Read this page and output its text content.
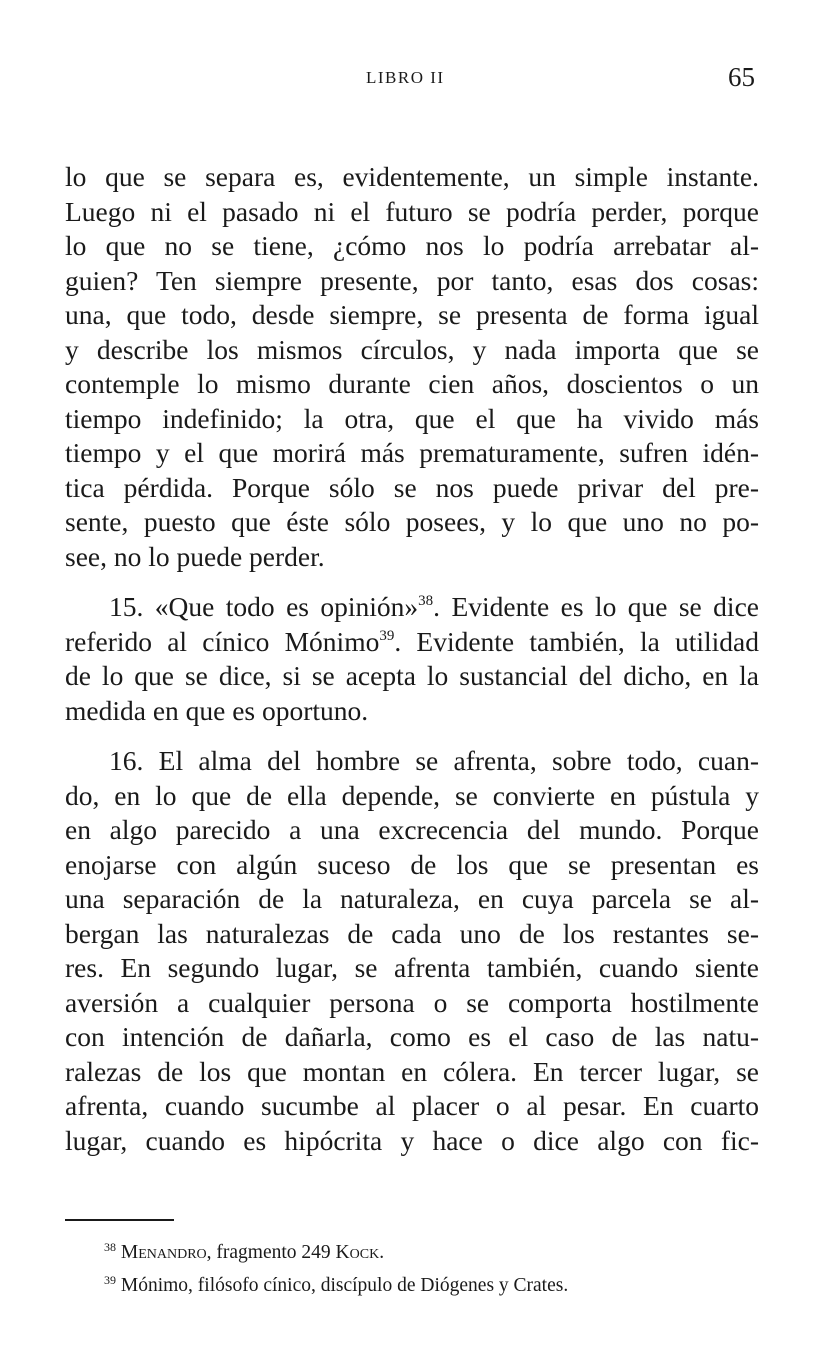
LIBRO II	65
lo que se separa es, evidentemente, un simple instante.
Luego ni el pasado ni el futuro se podría perder, porque
lo que no se tiene, ¿cómo nos lo podría arrebatar al-
guien? Ten siempre presente, por tanto, esas dos cosas:
una, que todo, desde siempre, se presenta de forma igual
y describe los mismos círculos, y nada importa que se
contemple lo mismo durante cien años, doscientos o un
tiempo indefinido; la otra, que el que ha vivido más
tiempo y el que morirá más prematuramente, sufren idén-
tica pérdida. Porque sólo se nos puede privar del pre-
sente, puesto que éste sólo posees, y lo que uno no po-
see, no lo puede perder.
15. «Que todo es opinión»$^{38}$. Evidente es lo que se dice
referido al cínico Mónimo$^{39}$. Evidente también, la utilidad
de lo que se dice, si se acepta lo sustancial del dicho, en la
medida en que es oportuno.
16. El alma del hombre se afrenta, sobre todo, cuan-
do, en lo que de ella depende, se convierte en pústula y
en algo parecido a una excrecencia del mundo. Porque
enojarse con algún suceso de los que se presentan es
una separación de la naturaleza, en cuya parcela se al-
bergan las naturalezas de cada uno de los restantes se-
res. En segundo lugar, se afrenta también, cuando siente
aversión a cualquier persona o se comporta hostilmente
con intención de dañarla, como es el caso de las natu-
ralezas de los que montan en cólera. En tercer lugar, se
afrenta, cuando sucumbe al placer o al pesar. En cuarto
lugar, cuando es hipócrita y hace o dice algo con fic-
$^{38}$ Menandro, fragmento 249 Kock.
$^{39}$ Mónimo, filósofo cínico, discípulo de Diógenes y Crates.
